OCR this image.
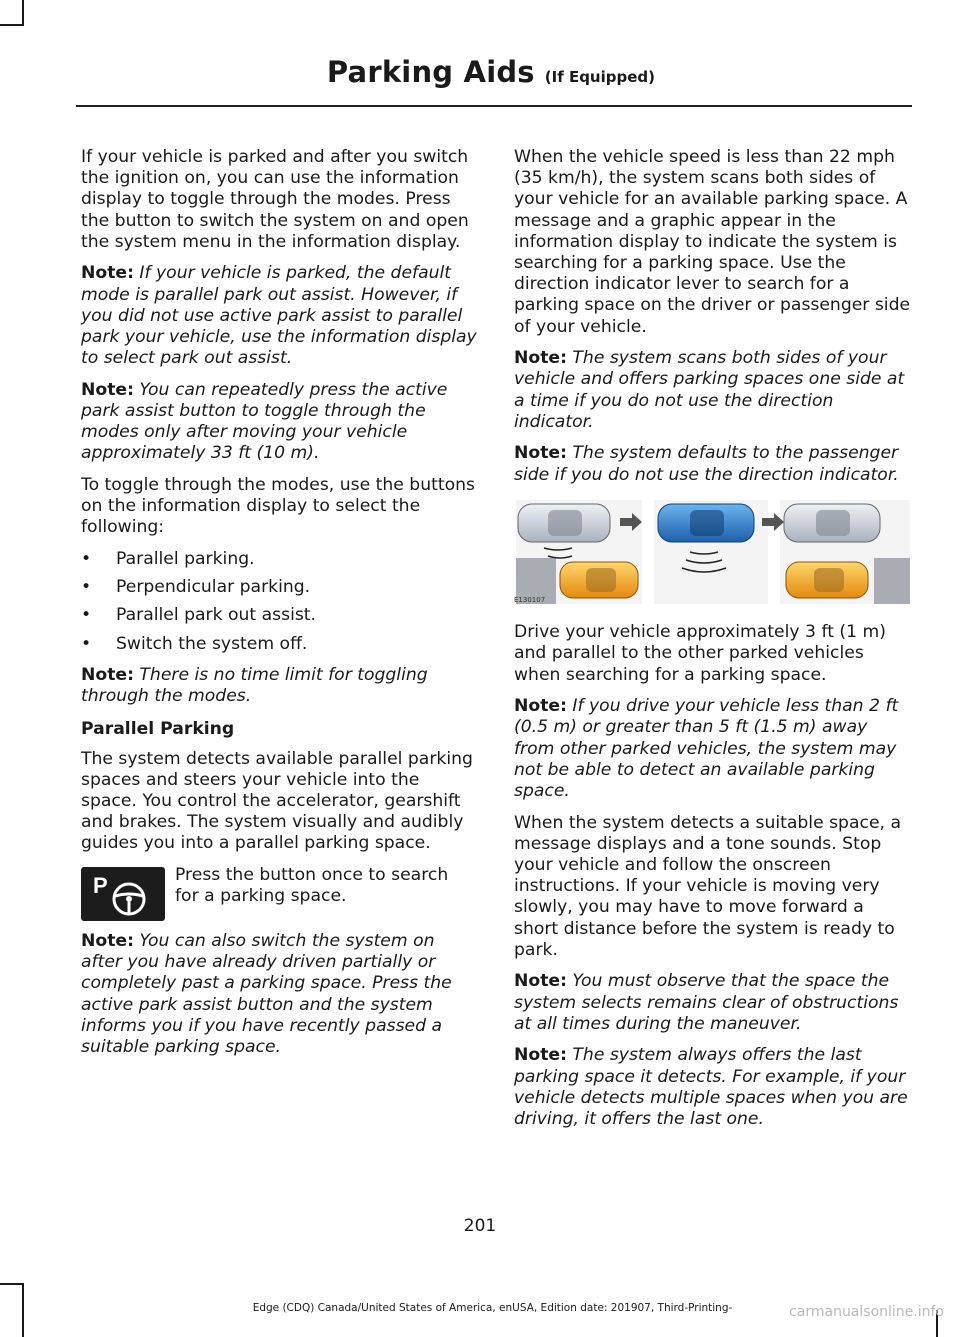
Parking Aids (If Equipped)

If your vehicle is parked and after you switch the ignition on, you can use the information display to toggle through the modes. Press the button to switch the system on and open the system menu in the information display.

Note: If your vehicle is parked, the default mode is parallel park out assist. However, if you did not use active park assist to parallel park your vehicle, use the information display to select park out assist.

Note: You can repeatedly press the active park assist button to toggle through the modes only after moving your vehicle approximately 33 ft (10 m).

To toggle through the modes, use the buttons on the information display to select the following:

• Parallel parking.
• Perpendicular parking.
• Parallel park out assist.
• Switch the system off.

Note: There is no time limit for toggling through the modes.

Parallel Parking

The system detects available parallel parking spaces and steers your vehicle into the space. You control the accelerator, gearshift and brakes. The system visually and audibly guides you into a parallel parking space.

P	Press the button once to search for a parking space.

Note: You can also switch the system on after you have already driven partially or completely past a parking space. Press the active park assist button and the system informs you if you have recently passed a suitable parking space.

When the vehicle speed is less than 22 mph (35 km/h), the system scans both sides of your vehicle for an available parking space. A message and a graphic appear in the information display to indicate the system is searching for a parking space. Use the direction indicator lever to search for a parking space on the driver or passenger side of your vehicle.

Note: The system scans both sides of your vehicle and offers parking spaces one side at a time if you do not use the direction indicator.

Note: The system defaults to the passenger side if you do not use the direction indicator.

E130107

Drive your vehicle approximately 3 ft (1 m) and parallel to the other parked vehicles when searching for a parking space.

Note: If you drive your vehicle less than 2 ft (0.5 m) or greater than 5 ft (1.5 m) away from other parked vehicles, the system may not be able to detect an available parking space.

When the system detects a suitable space, a message displays and a tone sounds. Stop your vehicle and follow the onscreen instructions. If your vehicle is moving very slowly, you may have to move forward a short distance before the system is ready to park.

Note: You must observe that the space the system selects remains clear of obstructions at all times during the maneuver.

Note: The system always offers the last parking space it detects. For example, if your vehicle detects multiple spaces when you are driving, it offers the last one.

201
Edge (CDQ) Canada/United States of America, enUSA, Edition date: 201907, Third-Printing-	carmanualsonline.info
